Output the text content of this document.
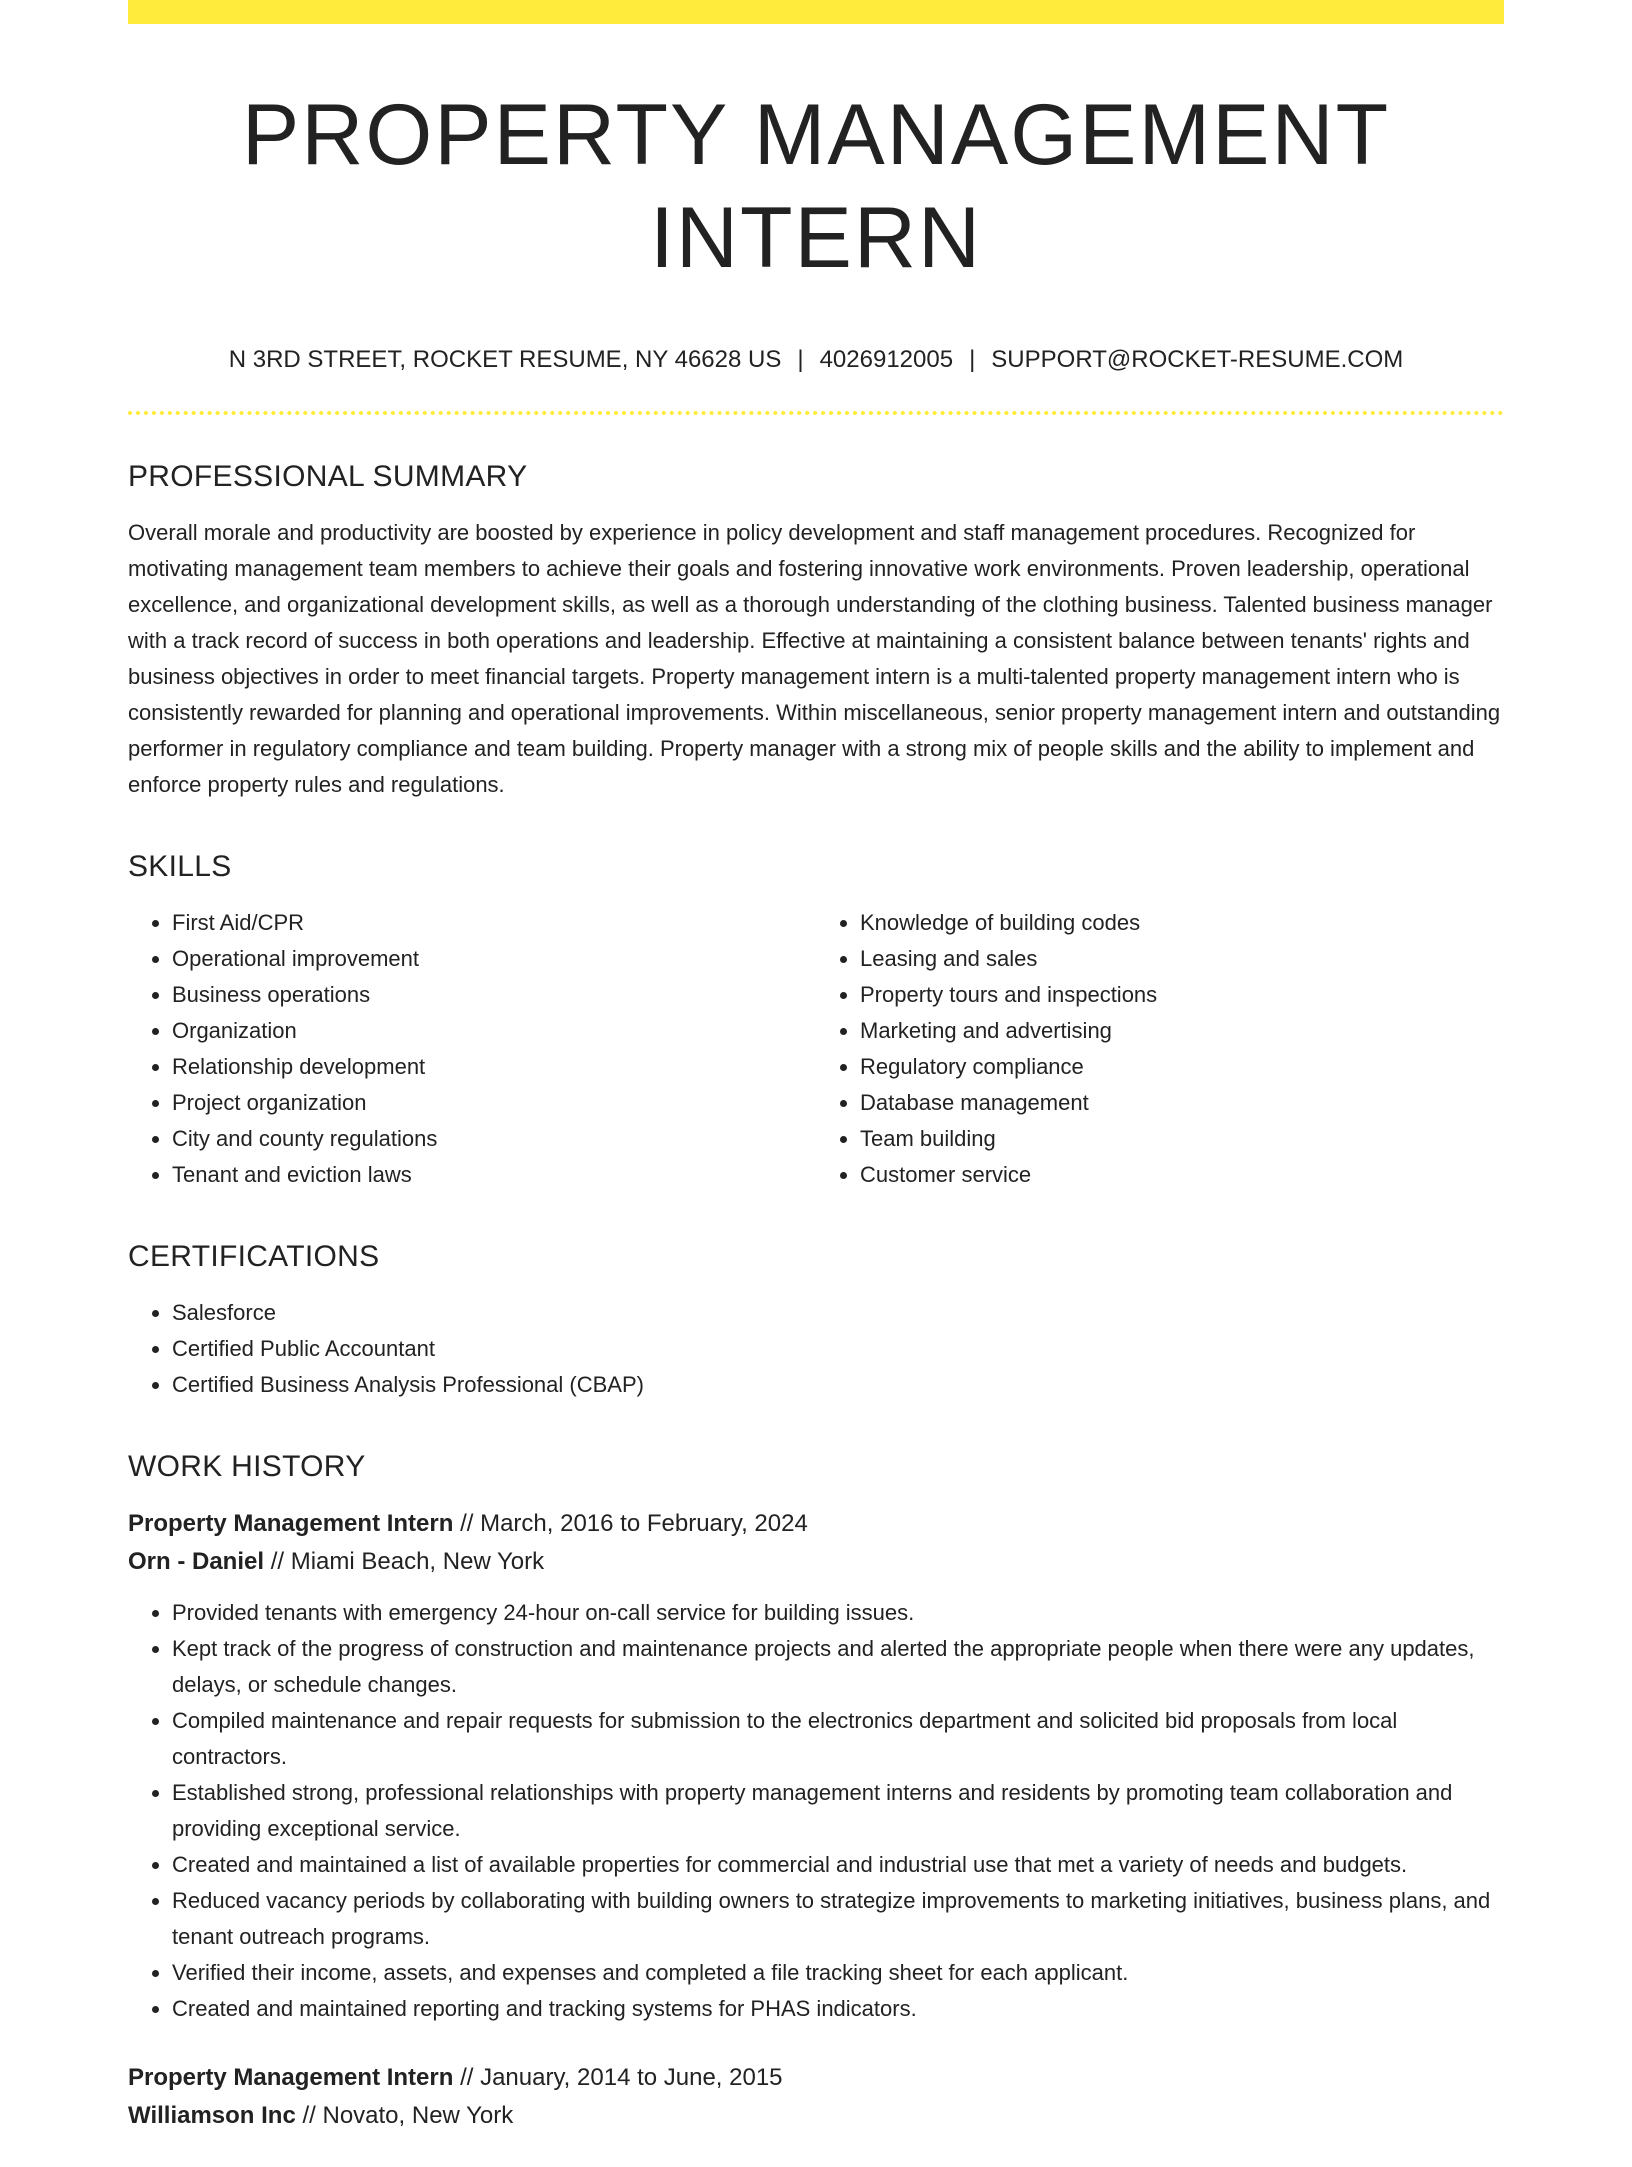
PROPERTY MANAGEMENT INTERN
N 3RD STREET, ROCKET RESUME, NY 46628 US | 4026912005 | SUPPORT@ROCKET-RESUME.COM
PROFESSIONAL SUMMARY

Overall morale and productivity are boosted by experience in policy development and staff management procedures. Recognized for motivating management team members to achieve their goals and fostering innovative work environments. Proven leadership, operational excellence, and organizational development skills, as well as a thorough understanding of the clothing business. Talented business manager with a track record of success in both operations and leadership. Effective at maintaining a consistent balance between tenants' rights and business objectives in order to meet financial targets. Property management intern is a multi-talented property management intern who is consistently rewarded for planning and operational improvements. Within miscellaneous, senior property management intern and outstanding performer in regulatory compliance and team building. Property manager with a strong mix of people skills and the ability to implement and enforce property rules and regulations.

SKILLS
• First Aid/CPR
• Operational improvement
• Business operations
• Organization
• Relationship development
• Project organization
• City and county regulations
• Tenant and eviction laws
• Knowledge of building codes
• Leasing and sales
• Property tours and inspections
• Marketing and advertising
• Regulatory compliance
• Database management
• Team building
• Customer service
CERTIFICATIONS
• Salesforce
• Certified Public Accountant
• Certified Business Analysis Professional (CBAP)
WORK HISTORY
Property Management Intern // March, 2016 to February, 2024
Orn - Daniel // Miami Beach, New York
• Provided tenants with emergency 24-hour on-call service for building issues.
• Kept track of the progress of construction and maintenance projects and alerted the appropriate people when there were any updates, delays, or schedule changes.
• Compiled maintenance and repair requests for submission to the electronics department and solicited bid proposals from local contractors.
• Established strong, professional relationships with property management interns and residents by promoting team collaboration and providing exceptional service.
• Created and maintained a list of available properties for commercial and industrial use that met a variety of needs and budgets.
• Reduced vacancy periods by collaborating with building owners to strategize improvements to marketing initiatives, business plans, and tenant outreach programs.
• Verified their income, assets, and expenses and completed a file tracking sheet for each applicant.
• Created and maintained reporting and tracking systems for PHAS indicators.
Property Management Intern // January, 2014 to June, 2015
Williamson Inc // Novato, New York
